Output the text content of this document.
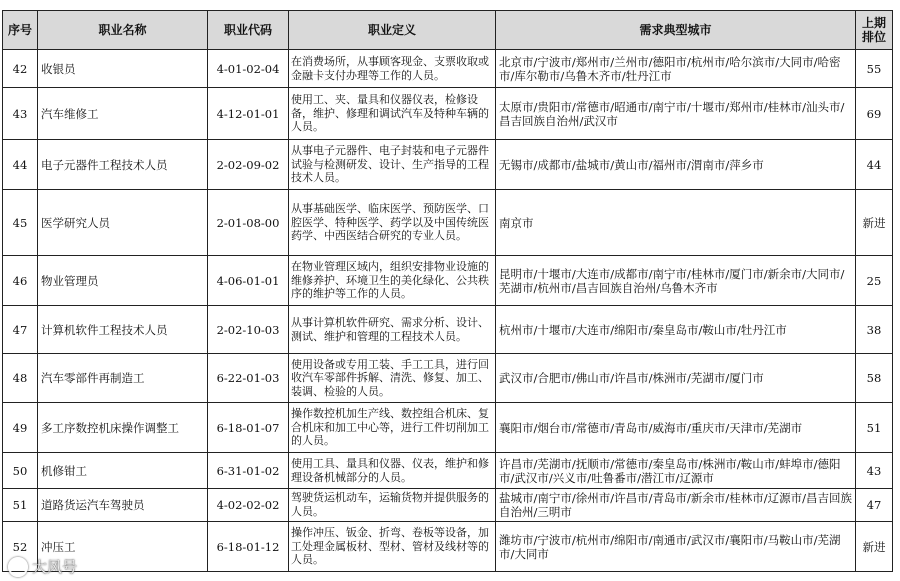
序号	职业名称	职业代码	职业定义	需求典型城市	上期排位
42	收银员	4-01-02-04	在消费场所，从事顾客现金、支票收取或金融卡支付办理等工作的人员。	北京市/宁波市/郑州市/兰州市/德阳市/杭州市/哈尔滨市/大同市/哈密市/库尔勒市/乌鲁木齐市/牡丹江市	55
43	汽车维修工	4-12-01-01	使用工、夹、量具和仪器仪表，检修设备，维护、修理和调试汽车及特种车辆的人员。	太原市/贵阳市/常德市/昭通市/南宁市/十堰市/郑州市/桂林市/汕头市/昌吉回族自治州/武汉市	69
44	电子元器件工程技术人员	2-02-09-02	从事电子元器件、电子封装和电子元器件试验与检测研发、设计、生产指导的工程技术人员。	无锡市/成都市/盐城市/黄山市/福州市/渭南市/萍乡市	44
45	医学研究人员	2-01-08-00	从事基础医学、临床医学、预防医学、口腔医学、特种医学、药学以及中国传统医药学、中西医结合研究的专业人员。	南京市	新进
46	物业管理员	4-06-01-01	在物业管理区域内，组织安排物业设施的维修养护、环境卫生的美化绿化、公共秩序的维护等工作的人员。	昆明市/十堰市/大连市/成都市/南宁市/桂林市/厦门市/新余市/大同市/芜湖市/杭州市/昌吉回族自治州/乌鲁木齐市	25
47	计算机软件工程技术人员	2-02-10-03	从事计算机软件研究、需求分析、设计、测试、维护和管理的工程技术人员。	杭州市/十堰市/大连市/绵阳市/秦皇岛市/鞍山市/牡丹江市	38
48	汽车零部件再制造工	6-22-01-03	使用设备或专用工装、手工工具，进行回收汽车零部件拆解、清洗、修复、加工、装调、检验的人员。	武汉市/合肥市/佛山市/许昌市/株洲市/芜湖市/厦门市	58
49	多工序数控机床操作调整工	6-18-01-07	操作数控机加生产线、数控组合机床、复合机床和加工中心等，进行工件切削加工的人员。	襄阳市/烟台市/常德市/青岛市/威海市/重庆市/天津市/芜湖市	51
50	机修钳工	6-31-01-02	使用工具、量具和仪器、仪表，维护和修理设备机械部分的人员。	许昌市/芜湖市/抚顺市/常德市/秦皇岛市/株洲市/鞍山市/蚌埠市/德阳市/武汉市/兴义市/吐鲁番市/潜江市/辽源市	43
51	道路货运汽车驾驶员	4-02-02-02	驾驶货运机动车，运输货物并提供服务的人员。	盐城市/南宁市/徐州市/许昌市/青岛市/新余市/桂林市/辽源市/昌吉回族自治州/三明市	47
52	冲压工	6-18-01-12	操作冲压、钣金、折弯、卷板等设备，加工处理金属板材、型材、管材及线材等的人员。	潍坊市/宁波市/杭州市/绵阳市/南通市/武汉市/襄阳市/马鞍山市/芜湖市/大同市	新进
大风号
